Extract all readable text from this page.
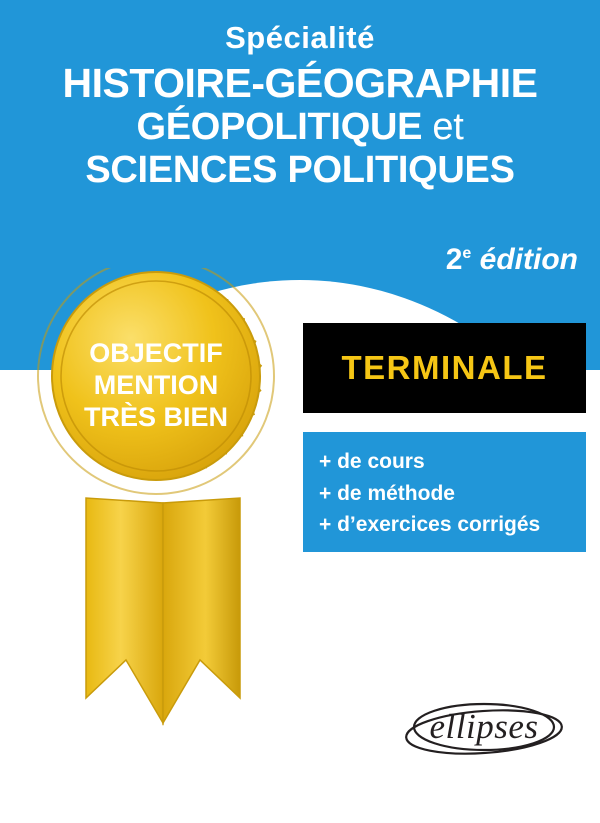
Spécialité
HISTOIRE-GÉOGRAPHIE
GÉOPOLITIQUE et
SCIENCES POLITIQUES
2e édition
TERMINALE
+ de cours
+ de méthode
+ d’exercices corrigés
OBJECTIF
MENTION
TRÈS BIEN
ellipses
